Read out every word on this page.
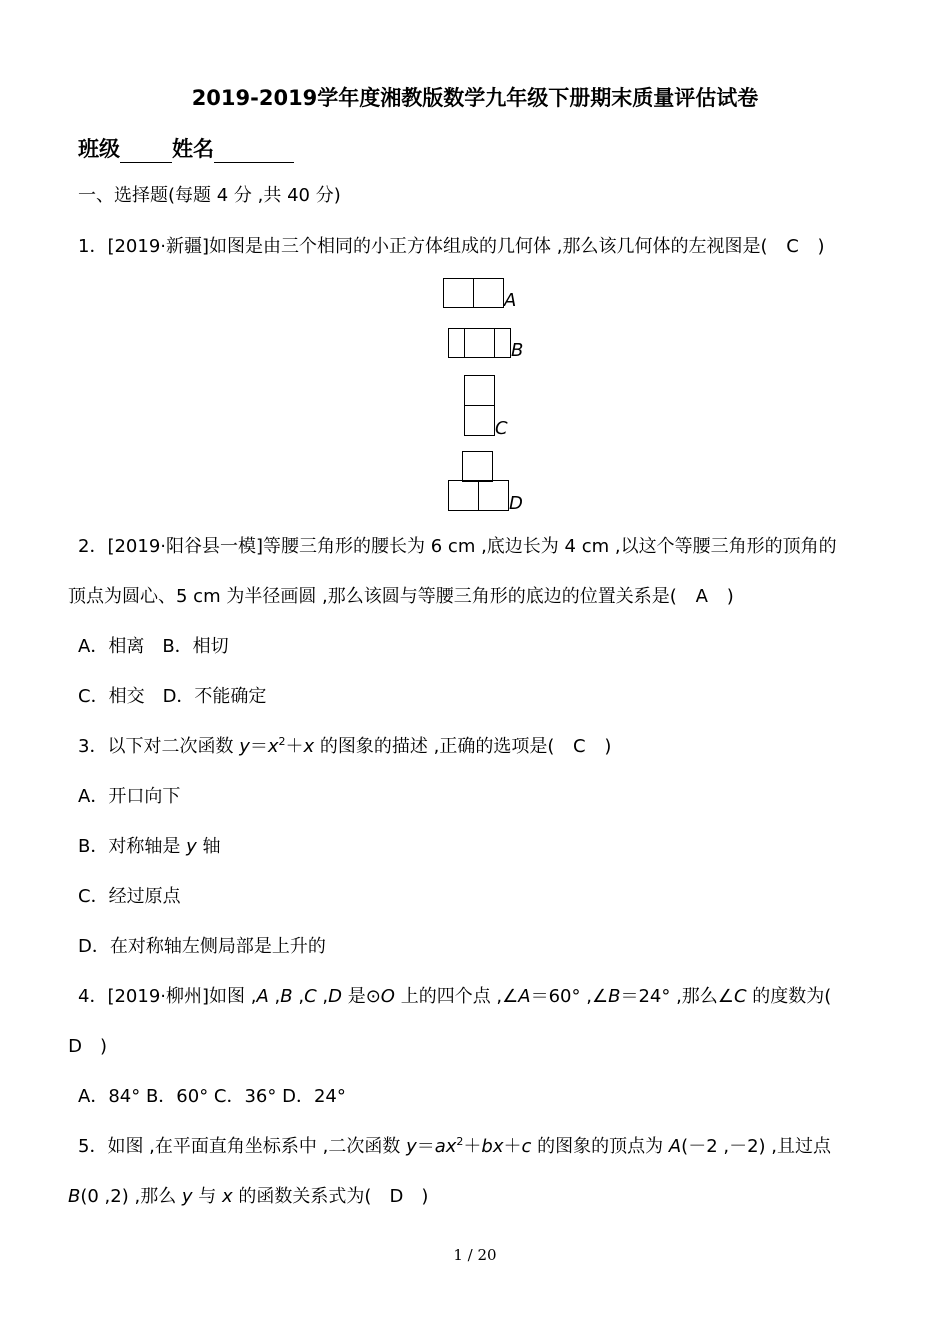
2019-2019学年度湘教版数学九年级下册期末质量评估试卷
班级 姓名
一、选择题(每题 4 分 ,共 40 分)
1．[2019·新疆]如图是由三个相同的小正方体组成的几何体 ,那么该几何体的左视图是(　C　)
A
B
C
D
2．[2019·阳谷县一模]等腰三角形的腰长为 6 cm ,底边长为 4 cm ,以这个等腰三角形的顶角的
顶点为圆心、5 cm 为半径画圆 ,那么该圆与等腰三角形的底边的位置关系是(　A　)
A．相离　B．相切
C．相交　D．不能确定
3．以下对二次函数 $y=x^2+x$ 的图象的描述 ,正确的选项是(　C　)
A．开口向下
B．对称轴是 y 轴
C．经过原点
D．在对称轴左侧局部是上升的
4．[2019·柳州]如图 ,A ,B ,C ,D 是⊙O 上的四个点 ,∠A＝60° ,∠B＝24° ,那么∠C 的度数为(
D　)
A．84° B．60° C．36° D．24°
5．如图 ,在平面直角坐标系中 ,二次函数 $y=ax^2+bx+c$ 的图象的顶点为 A(－2 ,－2) ,且过点
B(0 ,2) ,那么 y 与 x 的函数关系式为(　D　)
1 / 20
